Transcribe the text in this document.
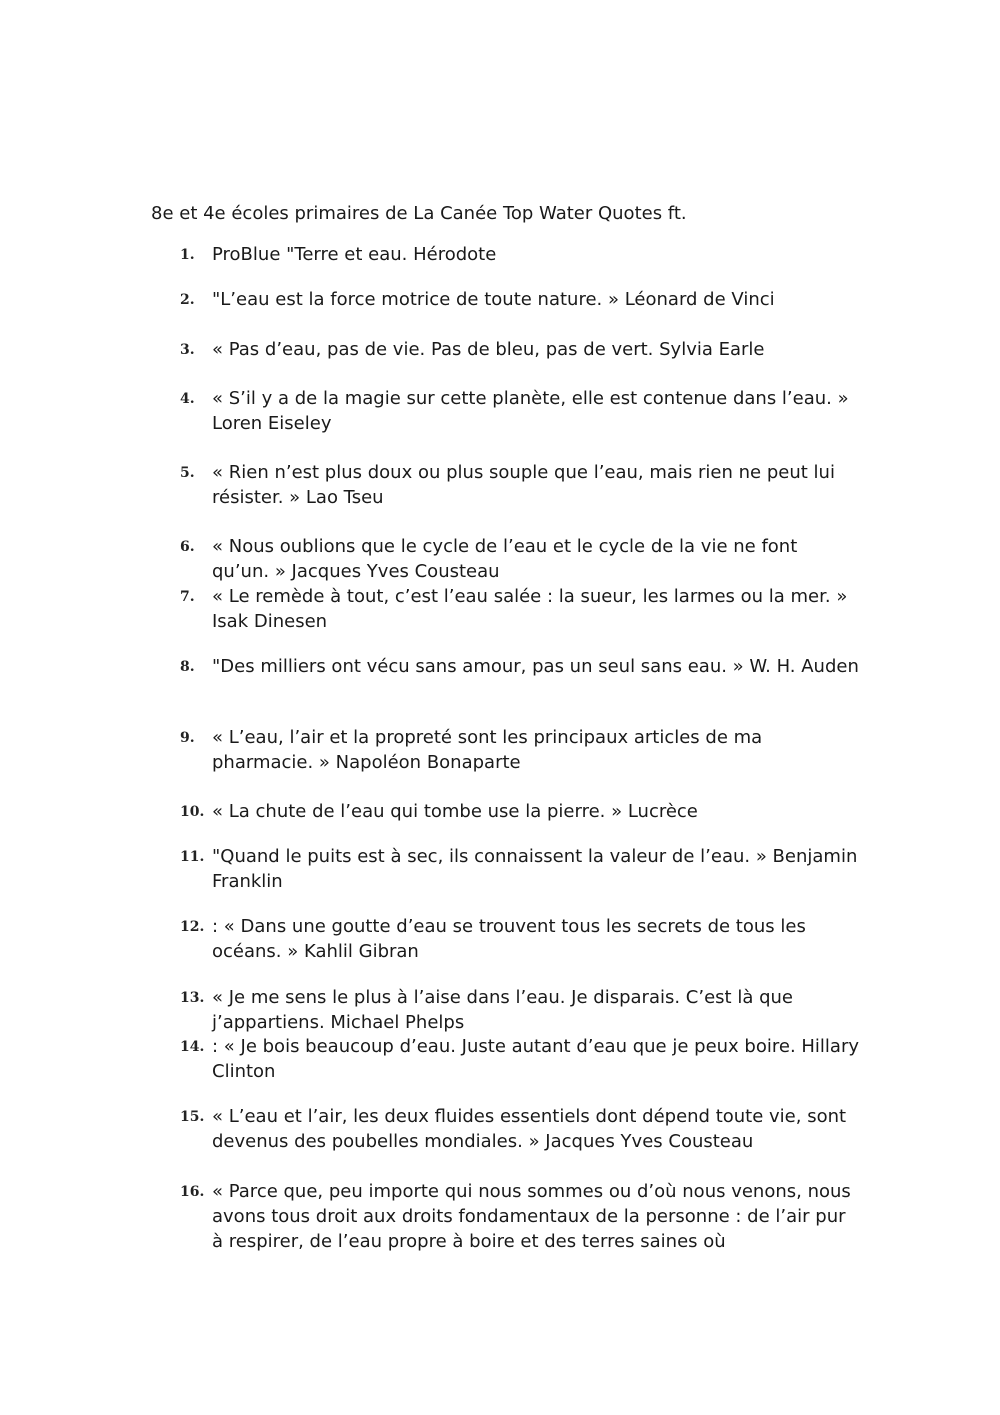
8e et 4e écoles primaires de La Canée Top Water Quotes ft.
1. ProBlue "Terre et eau. Hérodote
2. "L’eau est la force motrice de toute nature. » Léonard de Vinci
3. « Pas d’eau, pas de vie. Pas de bleu, pas de vert. Sylvia Earle
4. « S’il y a de la magie sur cette planète, elle est contenue dans l’eau. » Loren Eiseley
5. « Rien n’est plus doux ou plus souple que l’eau, mais rien ne peut lui résister. » Lao Tseu
6. « Nous oublions que le cycle de l’eau et le cycle de la vie ne font qu’un. » Jacques Yves Cousteau
7. « Le remède à tout, c’est l’eau salée : la sueur, les larmes ou la mer. » Isak Dinesen
8. "Des milliers ont vécu sans amour, pas un seul sans eau. » W. H. Auden
9. « L’eau, l’air et la propreté sont les principaux articles de ma pharmacie. » Napoléon Bonaparte
10. « La chute de l’eau qui tombe use la pierre. » Lucrèce
11. "Quand le puits est à sec, ils connaissent la valeur de l’eau. » Benjamin Franklin
12. : « Dans une goutte d’eau se trouvent tous les secrets de tous les océans. » Kahlil Gibran
13. « Je me sens le plus à l’aise dans l’eau. Je disparais. C’est là que j’appartiens. Michael Phelps
14. : « Je bois beaucoup d’eau. Juste autant d’eau que je peux boire. Hillary Clinton
15. « L’eau et l’air, les deux fluides essentiels dont dépend toute vie, sont devenus des poubelles mondiales. » Jacques Yves Cousteau
16. « Parce que, peu importe qui nous sommes ou d’où nous venons, nous avons tous droit aux droits fondamentaux de la personne : de l’air pur à respirer, de l’eau propre à boire et des terres saines où
